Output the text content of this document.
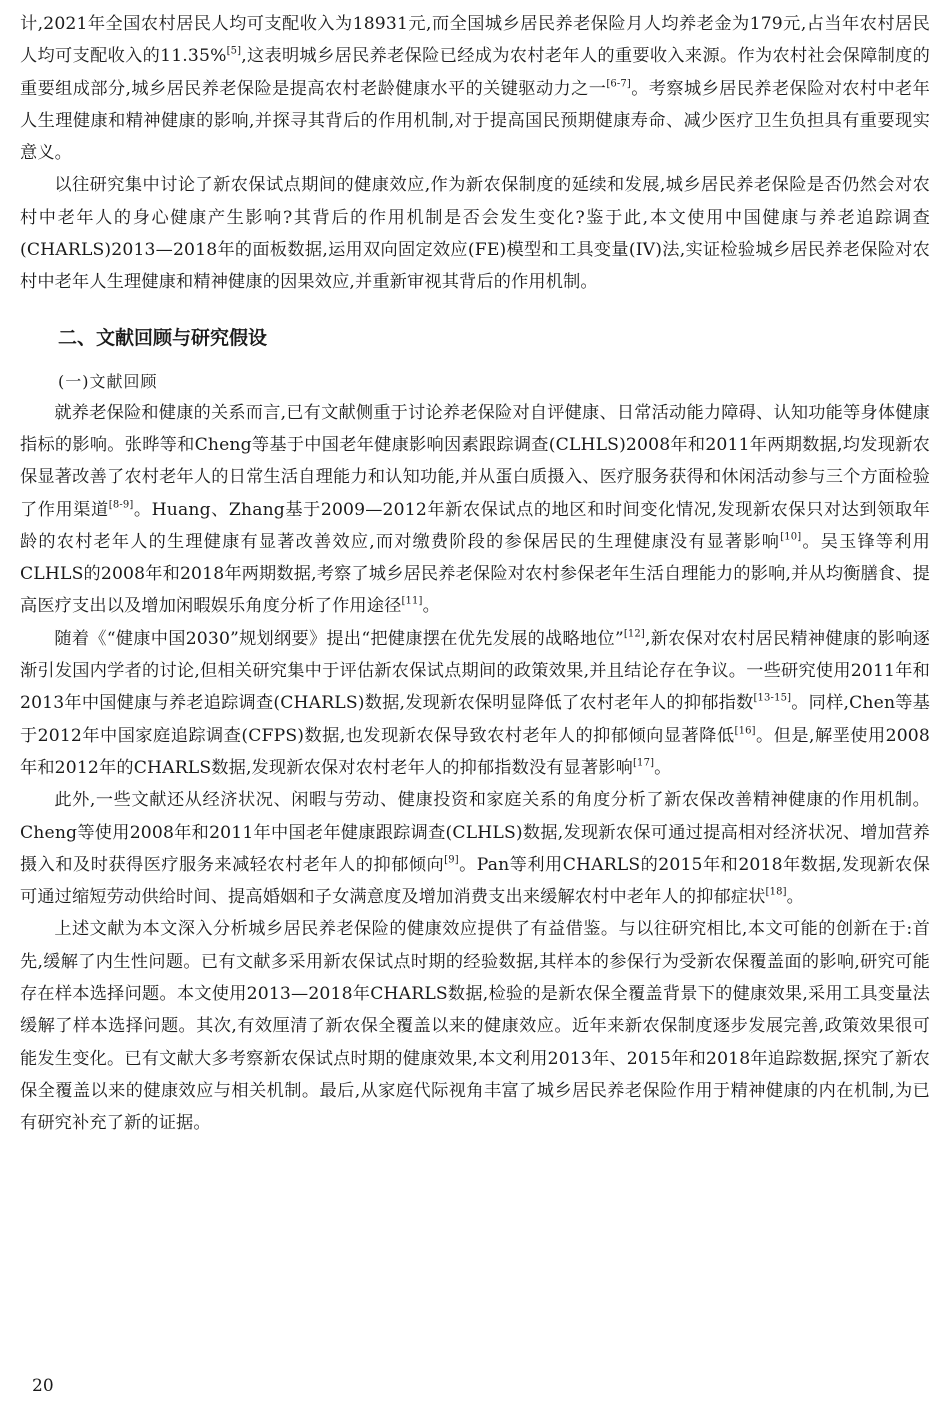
计,2021年全国农村居民人均可支配收入为18931元,而全国城乡居民养老保险月人均养老金为179元,占当年农村居民人均可支配收入的11.35%[5],这表明城乡居民养老保险已经成为农村老年人的重要收入来源。作为农村社会保障制度的重要组成部分,城乡居民养老保险是提高农村老龄健康水平的关键驱动力之一[6-7]。考察城乡居民养老保险对农村中老年人生理健康和精神健康的影响,并探寻其背后的作用机制,对于提高国民预期健康寿命、减少医疗卫生负担具有重要现实意义。

以往研究集中讨论了新农保试点期间的健康效应,作为新农保制度的延续和发展,城乡居民养老保险是否仍然会对农村中老年人的身心健康产生影响?其背后的作用机制是否会发生变化?鉴于此,本文使用中国健康与养老追踪调查(CHARLS)2013—2018年的面板数据,运用双向固定效应(FE)模型和工具变量(IV)法,实证检验城乡居民养老保险对农村中老年人生理健康和精神健康的因果效应,并重新审视其背后的作用机制。

二、文献回顾与研究假设
(一)文献回顾

就养老保险和健康的关系而言,已有文献侧重于讨论养老保险对自评健康、日常活动能力障碍、认知功能等身体健康指标的影响。张晔等和Cheng等基于中国老年健康影响因素跟踪调查(CLHLS)2008年和2011年两期数据,均发现新农保显著改善了农村老年人的日常生活自理能力和认知功能,并从蛋白质摄入、医疗服务获得和休闲活动参与三个方面检验了作用渠道[8-9]。Huang、Zhang基于2009—2012年新农保试点的地区和时间变化情况,发现新农保只对达到领取年龄的农村老年人的生理健康有显著改善效应,而对缴费阶段的参保居民的生理健康没有显著影响[10]。吴玉锋等利用CLHLS的2008年和2018年两期数据,考察了城乡居民养老保险对农村参保老年生活自理能力的影响,并从均衡膳食、提高医疗支出以及增加闲暇娱乐角度分析了作用途径[11]。

随着《“健康中国2030”规划纲要》提出“把健康摆在优先发展的战略地位”[12],新农保对农村居民精神健康的影响逐渐引发国内学者的讨论,但相关研究集中于评估新农保试点期间的政策效果,并且结论存在争议。一些研究使用2011年和2013年中国健康与养老追踪调查(CHARLS)数据,发现新农保明显降低了农村老年人的抑郁指数[13-15]。同样,Chen等基于2012年中国家庭追踪调查(CFPS)数据,也发现新农保导致农村老年人的抑郁倾向显著降低[16]。但是,解垩使用2008年和2012年的CHARLS数据,发现新农保对农村老年人的抑郁指数没有显著影响[17]。

此外,一些文献还从经济状况、闲暇与劳动、健康投资和家庭关系的角度分析了新农保改善精神健康的作用机制。Cheng等使用2008年和2011年中国老年健康跟踪调查(CLHLS)数据,发现新农保可通过提高相对经济状况、增加营养摄入和及时获得医疗服务来减轻农村老年人的抑郁倾向[9]。Pan等利用CHARLS的2015年和2018年数据,发现新农保可通过缩短劳动供给时间、提高婚姻和子女满意度及增加消费支出来缓解农村中老年人的抑郁症状[18]。

上述文献为本文深入分析城乡居民养老保险的健康效应提供了有益借鉴。与以往研究相比,本文可能的创新在于:首先,缓解了内生性问题。已有文献多采用新农保试点时期的经验数据,其样本的参保行为受新农保覆盖面的影响,研究可能存在样本选择问题。本文使用2013—2018年CHARLS数据,检验的是新农保全覆盖背景下的健康效果,采用工具变量法缓解了样本选择问题。其次,有效厘清了新农保全覆盖以来的健康效应。近年来新农保制度逐步发展完善,政策效果很可能发生变化。已有文献大多考察新农保试点时期的健康效果,本文利用2013年、2015年和2018年追踪数据,探究了新农保全覆盖以来的健康效应与相关机制。最后,从家庭代际视角丰富了城乡居民养老保险作用于精神健康的内在机制,为已有研究补充了新的证据。

20
